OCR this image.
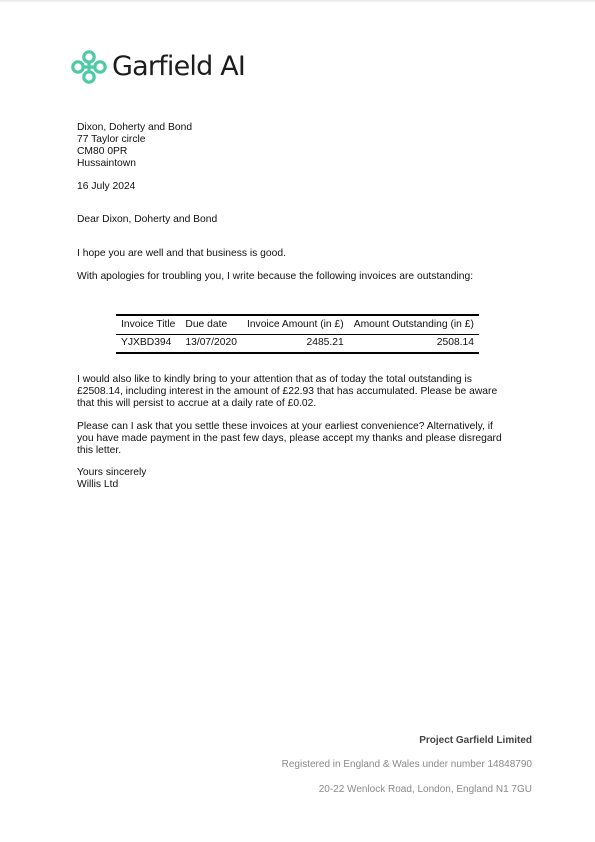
Garfield AI
Dixon, Doherty and Bond
77 Taylor circle
CM80 0PR
Hussaintown
16 July 2024
Dear Dixon, Doherty and Bond
I hope you are well and that business is good.
With apologies for troubling you, I write because the following invoices are outstanding:
Invoice Title	Due date	Invoice Amount (in £)	Amount Outstanding (in £)
YJXBD394	13/07/2020	2485.21	2508.14
I would also like to kindly bring to your attention that as of today the total outstanding is
£2508.14, including interest in the amount of £22.93 that has accumulated. Please be aware
that this will persist to accrue at a daily rate of £0.02.
Please can I ask that you settle these invoices at your earliest convenience? Alternatively, if
you have made payment in the past few days, please accept my thanks and please disregard
this letter.
Yours sincerely
Willis Ltd
Project Garfield Limited
Registered in England & Wales under number 14848790
20-22 Wenlock Road, London, England N1 7GU
